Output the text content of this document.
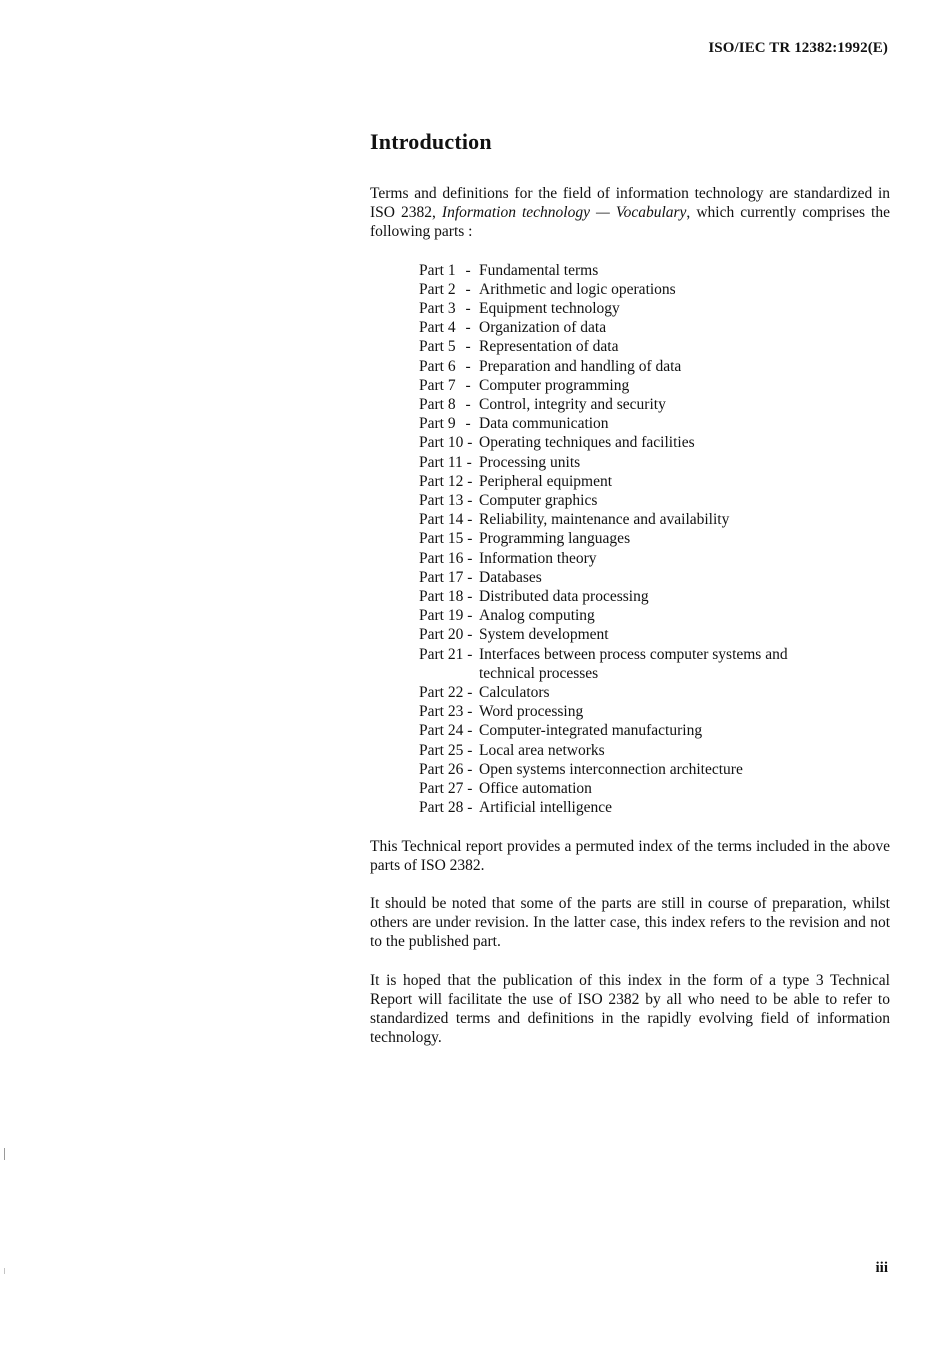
ISO/IEC TR 12382:1992(E)
Introduction

Terms and definitions for the field of information technology are standardized in ISO 2382, Information technology — Vocabulary, which currently comprises the following parts :

Part 1 - Fundamental terms
Part 2 - Arithmetic and logic operations
Part 3 - Equipment technology
Part 4 - Organization of data
Part 5 - Representation of data
Part 6 - Preparation and handling of data
Part 7 - Computer programming
Part 8 - Control, integrity and security
Part 9 - Data communication
Part 10 - Operating techniques and facilities
Part 11 - Processing units
Part 12 - Peripheral equipment
Part 13 - Computer graphics
Part 14 - Reliability, maintenance and availability
Part 15 - Programming languages
Part 16 - Information theory
Part 17 - Databases
Part 18 - Distributed data processing
Part 19 - Analog computing
Part 20 - System development
Part 21 - Interfaces between process computer systems and technical processes
Part 22 - Calculators
Part 23 - Word processing
Part 24 - Computer-integrated manufacturing
Part 25 - Local area networks
Part 26 - Open systems interconnection architecture
Part 27 - Office automation
Part 28 - Artificial intelligence

This Technical report provides a permuted index of the terms included in the above parts of ISO 2382.

It should be noted that some of the parts are still in course of preparation, whilst others are under revision. In the latter case, this index refers to the revision and not to the published part.

It is hoped that the publication of this index in the form of a type 3 Technical Report will facilitate the use of ISO 2382 by all who need to be able to refer to standardized terms and definitions in the rapidly evolving field of information technology.

iii
